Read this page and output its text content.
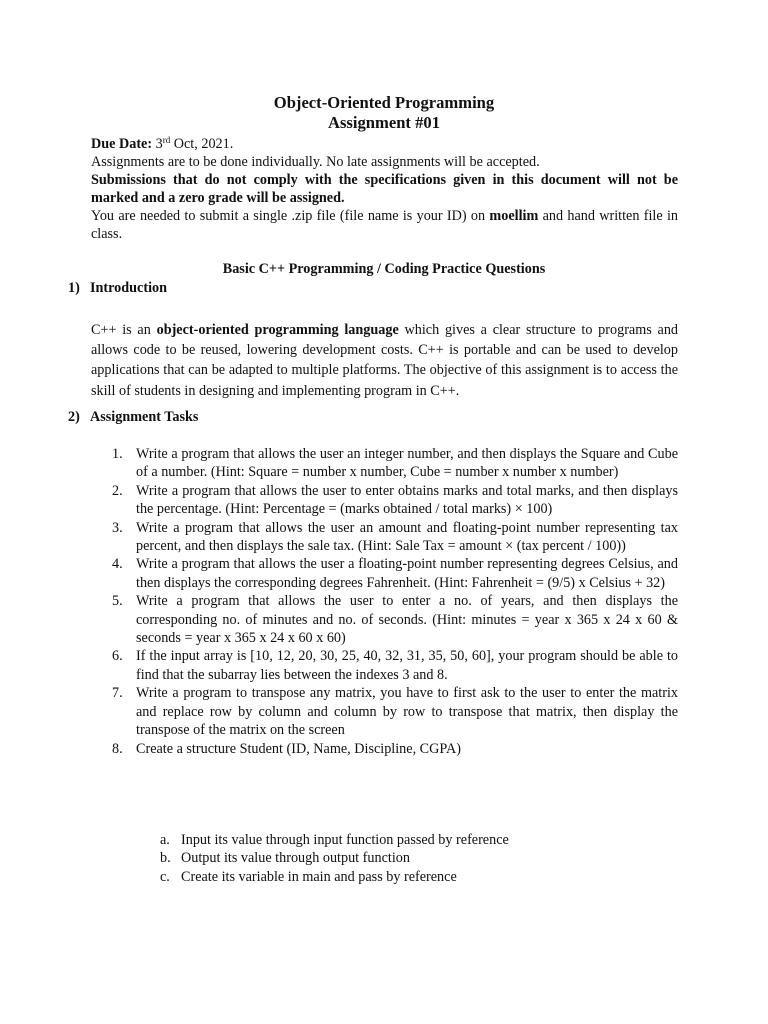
Object-Oriented Programming
Assignment #01
Due Date: 3rd Oct, 2021.
Assignments are to be done individually. No late assignments will be accepted.
Submissions that do not comply with the specifications given in this document will not be marked and a zero grade will be assigned.
You are needed to submit a single .zip file (file name is your ID) on moellim and hand written file in class.
Basic C++ Programming / Coding Practice Questions
1) Introduction
C++ is an object-oriented programming language which gives a clear structure to programs and allows code to be reused, lowering development costs. C++ is portable and can be used to develop applications that can be adapted to multiple platforms. The objective of this assignment is to access the skill of students in designing and implementing program in C++.
2) Assignment Tasks

1. Write a program that allows the user an integer number, and then displays the Square and Cube of a number. (Hint: Square = number x number, Cube = number x number x number)

2. Write a program that allows the user to enter obtains marks and total marks, and then displays the percentage. (Hint: Percentage = (marks obtained / total marks) × 100)

3. Write a program that allows the user an amount and floating-point number representing tax percent, and then displays the sale tax. (Hint: Sale Tax = amount × (tax percent / 100))

4. Write a program that allows the user a floating-point number representing degrees Celsius, and then displays the corresponding degrees Fahrenheit. (Hint: Fahrenheit = (9/5) x Celsius + 32)

5. Write a program that allows the user to enter a no. of years, and then displays the corresponding no. of minutes and no. of seconds. (Hint: minutes = year x 365 x 24 x 60 & seconds = year x 365 x 24 x 60 x 60)

6. If the input array is [10, 12, 20, 30, 25, 40, 32, 31, 35, 50, 60], your program should be able to find that the subarray lies between the indexes 3 and 8.

7. Write a program to transpose any matrix, you have to first ask to the user to enter the matrix and replace row by column and column by row to transpose that matrix, then display the transpose of the matrix on the screen

8. Create a structure Student (ID, Name, Discipline, CGPA)

a. Input its value through input function passed by reference
b. Output its value through output function
c. Create its variable in main and pass by reference
